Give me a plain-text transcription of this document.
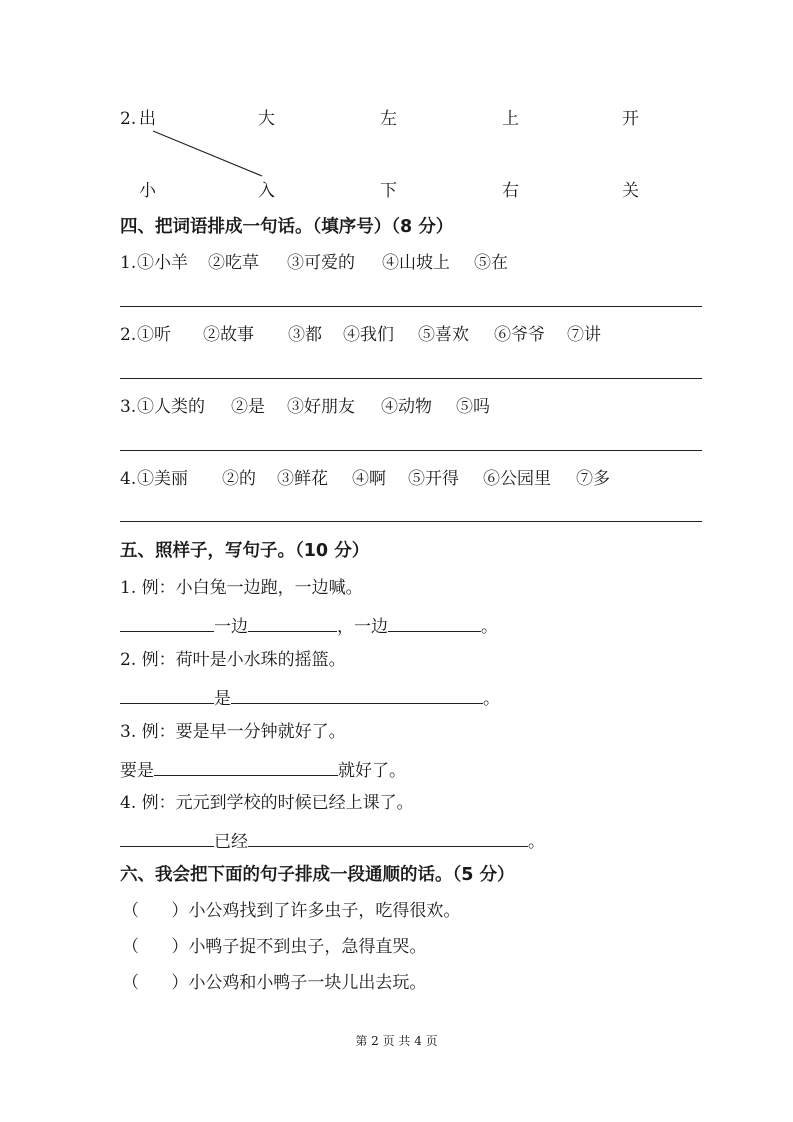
2. 出	大	左	上	开
小	入	下	右	关
四、把词语排成一句话。（填序号）（8 分）
1. ①小羊 ②吃草 ③可爱的 ④山坡上 ⑤在
2. ①听 ②故事 ③都 ④我们 ⑤喜欢 ⑥爷爷 ⑦讲
3. ①人类的 ②是 ③好朋友 ④动物 ⑤吗
4. ①美丽 ②的 ③鲜花 ④啊 ⑤开得 ⑥公园里 ⑦多
五、照样子，写句子。（10 分）
1. 例：小白兔一边跑，一边喊。
一边	，一边	。
2. 例：荷叶是小水珠的摇篮。
是	。
3. 例：要是早一分钟就好了。
要是	就好了。
4. 例：元元到学校的时候已经上课了。
已经	。
六、我会把下面的句子排成一段通顺的话。（5 分）
（      ）小公鸡找到了许多虫子，吃得很欢。
（      ）小鸭子捉不到虫子，急得直哭。
（      ）小公鸡和小鸭子一块儿出去玩。
第 2 页 共 4 页
